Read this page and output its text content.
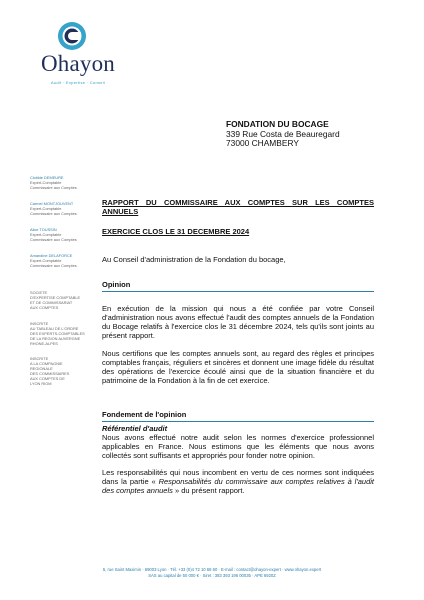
Ohayon
Audit · Expertise · Conseil
FONDATION DU BOCAGE
339 Rue Costa de Beauregard
73000 CHAMBERY
Clotilde DEMEURE
Expert-Comptable
Commissaire aux Comptes
Carmel MONTJOUVENT
Expert-Comptable
Commissaire aux Comptes
Alice TOUSSIN
Expert-Comptable
Commissaire aux Comptes
Amandine DELAFORCE
Expert-Comptable
Commissaire aux Comptes
SOCIETE
D'EXPERTISE COMPTABLE
ET DE COMMISSARIAT
AUX COMPTES
INSCRITE
AU TABLEAU DE L'ORDRE
DES EXPERTS-COMPTABLES
DE LA REGION AUVERGNE
RHONE-ALPES
INSCRITE
A LA COMPAGNIE
REGIONALE
DES COMMISSAIRES
AUX COMPTES DE
LYON RIOM
RAPPORT DU COMMISSAIRE AUX COMPTES SUR LES COMPTES ANNUELS
EXERCICE CLOS LE 31 DECEMBRE 2024
Au Conseil d'administration de la Fondation du bocage,
Opinion
En exécution de la mission qui nous a été confiée par votre Conseil d'administration nous avons effectué l'audit des comptes annuels de la Fondation du Bocage relatifs à l'exercice clos le 31 décembre 2024, tels qu'ils sont joints au présent rapport.
Nous certifions que les comptes annuels sont, au regard des règles et principes comptables français, réguliers et sincères et donnent une image fidèle du résultat des opérations de l'exercice écoulé ainsi que de la situation financière et du patrimoine de la Fondation à la fin de cet exercice.
Fondement de l'opinion
Référentiel d'audit
Nous avons effectué notre audit selon les normes d'exercice professionnel applicables en France. Nous estimons que les éléments que nous avons collectés sont suffisants et appropriés pour fonder notre opinion.
Les responsabilités qui nous incombent en vertu de ces normes sont indiquées dans la partie « Responsabilités du commissaire aux comptes relatives à l'audit des comptes annuels » du présent rapport.
5, rue Saint Maximin · 69003 Lyon · Tél. +33 (0)4 72 10 68 60 · E-mail : contact@ohayon-expert · www.ohayon.expert
SAS au capital de 50 000 € · Siret : 383 393 196 00035 · APE 6920Z
